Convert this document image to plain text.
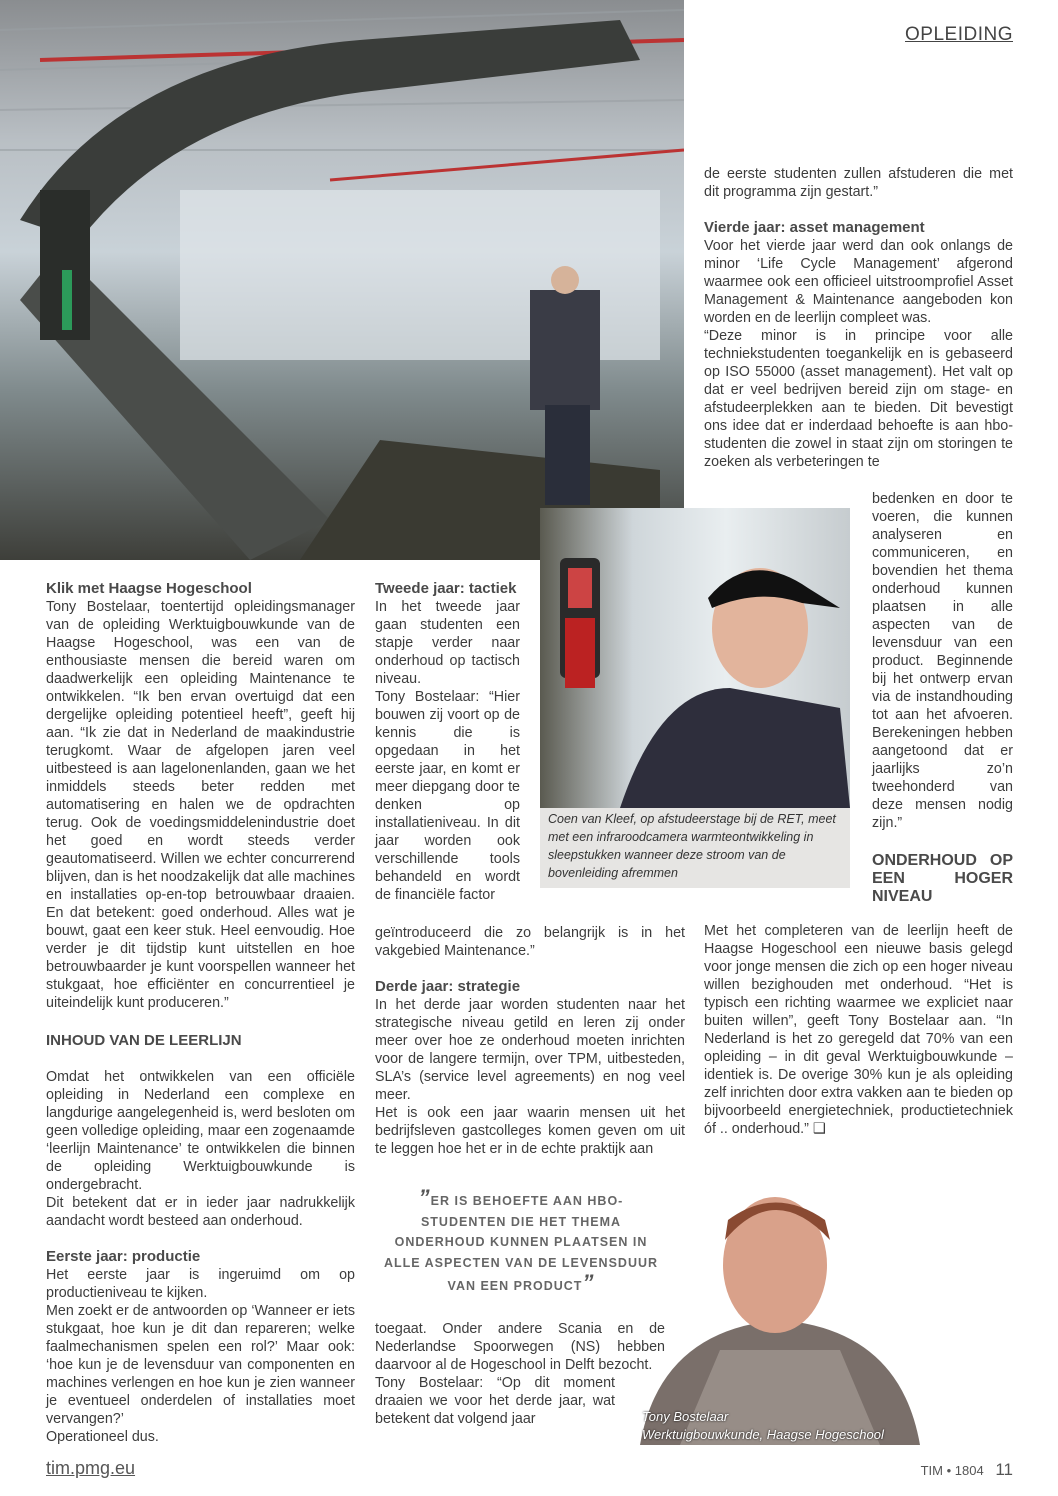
OPLEIDING
Coen van Kleef, op afstudeerstage bij de RET, meet met een infraroodcamera warmteontwikkeling in sleepstukken wanneer deze stroom van de bovenleiding afremmen
Tony Bostelaar
Werktuigbouwkunde, Haagse Hogeschool

Klik met Haagse Hogeschool

Tony Bostelaar, toentertijd opleidingsmanager van de opleiding Werktuigbouwkunde van de Haagse Hogeschool, was een van de enthousiaste mensen die bereid waren om daadwerkelijk een opleiding Maintenance te ontwikkelen. “Ik ben ervan overtuigd dat een dergelijke opleiding potentieel heeft”, geeft hij aan. “Ik zie dat in Nederland de maakindustrie terugkomt. Waar de afgelopen jaren veel uitbesteed is aan lagelonenlanden, gaan we het inmiddels steeds beter redden met automatisering en halen we de opdrachten terug. Ook de voedingsmiddelenindustrie doet het goed en wordt steeds verder geautomatiseerd. Willen we echter concurrerend blijven, dan is het noodzakelijk dat alle machines en installaties op-en-top betrouwbaar draaien. En dat betekent: goed onderhoud. Alles wat je bouwt, gaat een keer stuk. Heel eenvoudig. Hoe verder je dit tijdstip kunt uitstellen en hoe betrouwbaarder je kunt voorspellen wanneer het stukgaat, hoe efficiënter en concurrentieel je uiteindelijk kunt produceren.”

INHOUD VAN DE LEERLIJN

Omdat het ontwikkelen van een officiële opleiding in Nederland een complexe en langdurige aangelegenheid is, werd besloten om geen volledige opleiding, maar een zogenaamde ‘leerlijn Maintenance’ te ontwikkelen die binnen de opleiding Werktuigbouwkunde is ondergebracht.

Dit betekent dat er in ieder jaar nadrukkelijk aandacht wordt besteed aan onderhoud.

Eerste jaar: productie

Het eerste jaar is ingeruimd om op productieniveau te kijken.

Men zoekt er de antwoorden op ‘Wanneer er iets stukgaat, hoe kun je dit dan repareren; welke faalmechanismen spelen een rol?’ Maar ook: ‘hoe kun je de levensduur van componenten en machines verlengen en hoe kun je zien wanneer je eventueel onderdelen of installaties moet vervangen?’

Operationeel dus.

Tweede jaar: tactiek

In het tweede jaar gaan studenten een stapje verder naar onderhoud op tactisch niveau.

Tony Bostelaar: “Hier bouwen zij voort op de kennis die is opgedaan in het eerste jaar, en komt er meer diepgang door te denken op installatieniveau. In dit jaar worden ook verschillende tools behandeld en wordt de financiële factor

geïntroduceerd die zo belangrijk is in het vakgebied Maintenance.”

Derde jaar: strategie

In het derde jaar worden studenten naar het strategische niveau getild en leren zij onder meer over hoe ze onderhoud moeten inrichten voor de langere termijn, over TPM, uitbesteden, SLA’s (service level agreements) en nog veel meer.

Het is ook een jaar waarin mensen uit het bedrijfsleven gastcolleges komen geven om uit te leggen hoe het er in de echte praktijk aan

”ER IS BEHOEFTE AAN HBO-STUDENTEN DIE HET THEMA ONDERHOUD KUNNEN PLAATSEN IN ALLE ASPECTEN VAN DE LEVENSDUUR VAN EEN PRODUCT”

toegaat. Onder andere Scania en de Nederlandse Spoorwegen (NS) hebben daarvoor al de Hogeschool in Delft bezocht.

Tony Bostelaar: “Op dit moment draaien we voor het derde jaar, wat betekent dat volgend jaar

de eerste studenten zullen afstuderen die met dit programma zijn gestart.”

Vierde jaar: asset management

Voor het vierde jaar werd dan ook onlangs de minor ‘Life Cycle Management’ afgerond waarmee ook een officieel uitstroomprofiel Asset Management & Maintenance aangeboden kon worden en de leerlijn compleet was.

“Deze minor is in principe voor alle techniekstudenten toegankelijk en is gebaseerd op ISO 55000 (asset management). Het valt op dat er veel bedrijven bereid zijn om stage- en afstudeerplekken aan te bieden. Dit bevestigt ons idee dat er inderdaad behoefte is aan hbo-studenten die zowel in staat zijn om storingen te zoeken als verbeteringen te

bedenken en door te voeren, die kunnen analyseren en communiceren, en bovendien het thema onderhoud kunnen plaatsen in alle aspecten van de levensduur van een product. Beginnende bij het ontwerp ervan via de instandhouding tot aan het afvoeren. Berekeningen hebben aangetoond dat er jaarlijks zo’n tweehonderd van deze mensen nodig zijn.”

ONDERHOUD OP EEN HOGER NIVEAU

Met het completeren van de leerlijn heeft de Haagse Hogeschool een nieuwe basis gelegd voor jonge mensen die zich op een hoger niveau willen bezighouden met onderhoud. “Het is typisch een richting waarmee we expliciet naar buiten willen”, geeft Tony Bostelaar aan. “In Nederland is het zo geregeld dat 70% van een opleiding – in dit geval Werktuigbouwkunde – identiek is. De overige 30% kun je als opleiding zelf inrichten door extra vakken aan te bieden op bijvoorbeeld energietechniek, productietechniek óf .. onderhoud.” ❑

tim.pmg.eu	TIM • 1804 11
